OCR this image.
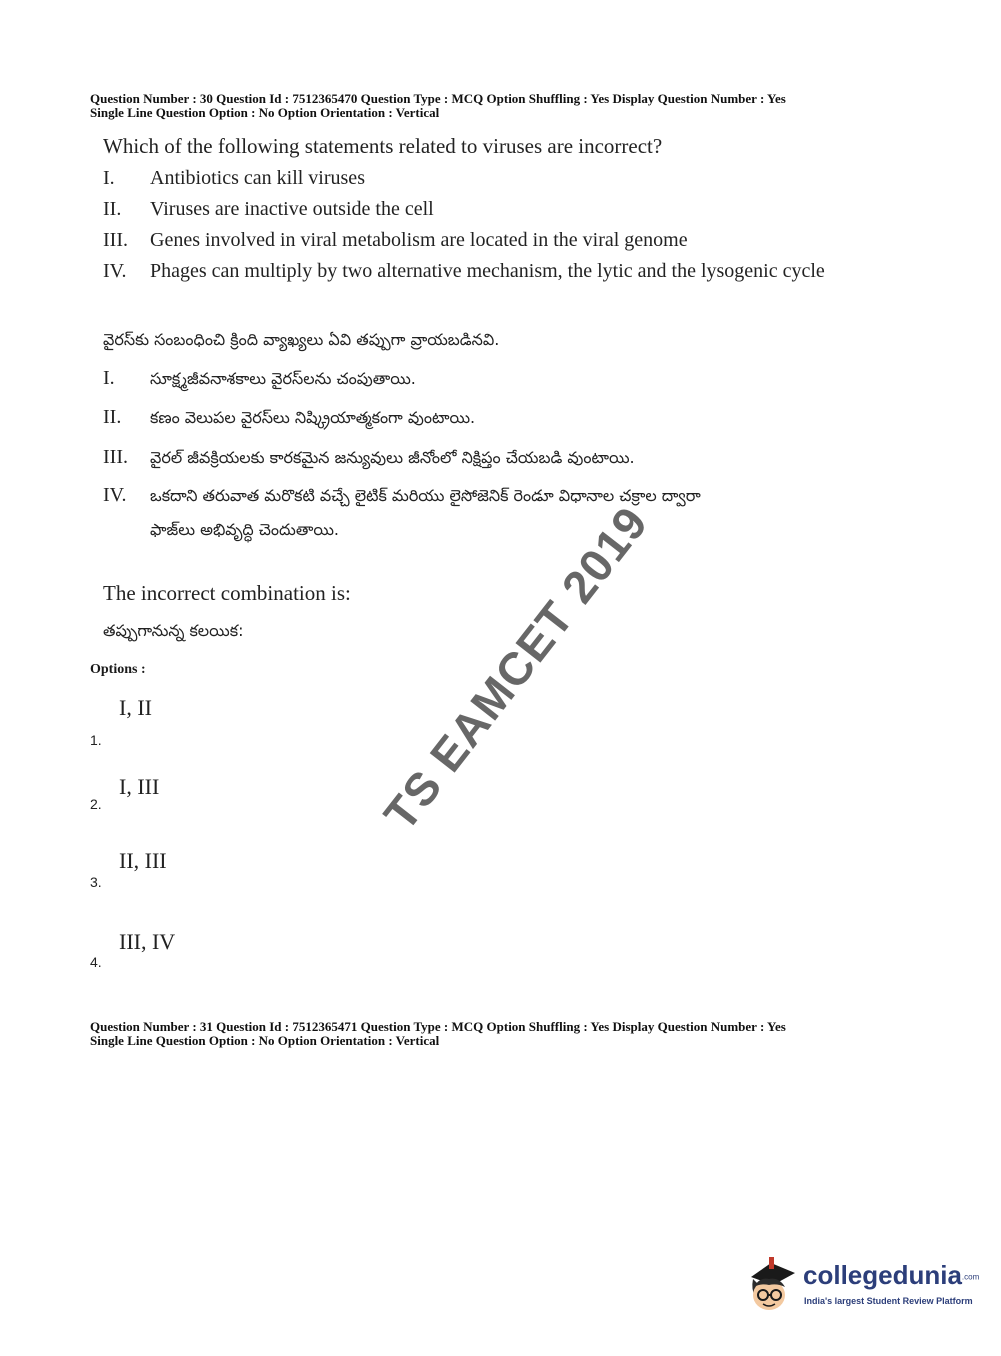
Question Number : 30 Question Id : 7512365470 Question Type : MCQ Option Shuffling : Yes Display Question Number : Yes
Single Line Question Option : No Option Orientation : Vertical
Which of the following statements related to viruses are incorrect?
I. Antibiotics can kill viruses
II. Viruses are inactive outside the cell
III. Genes involved in viral metabolism are located in the viral genome
IV. Phages can multiply by two alternative mechanism, the lytic and the lysogenic cycle
వైరస్‌కు సంబంధించి క్రింది వ్యాఖ్యలు ఏవి తప్పుగా వ్రాయబడినవి.
I. సూక్ష్మజీవనాశకాలు వైరస్‌లను చంపుతాయి.
II. కణం వెలుపల వైరస్‌లు నిష్క్రియాత్మకంగా వుంటాయి.
III. వైరల్ జీవక్రియలకు కారకమైన జన్యువులు జీనోంలో నిక్షిప్తం చేయబడి వుంటాయి.
IV. ఒకదాని తరువాత మరొకటి వచ్చే లైటిక్ మరియు లైసోజెనిక్ రెండూ విధానాల చక్రాల ద్వారా
ఫాజ్‌లు అభివృద్ధి చెందుతాయి.
The incorrect combination is:
తప్పుగానున్న కలయిక:
Options :
I, II
1.
I, III
2.
II, III
3.
III, IV
4.
Question Number : 31 Question Id : 7512365471 Question Type : MCQ Option Shuffling : Yes Display Question Number : Yes
Single Line Question Option : No Option Orientation : Vertical
TS EAMCET 2019
collegedunia.com
India's largest Student Review Platform
